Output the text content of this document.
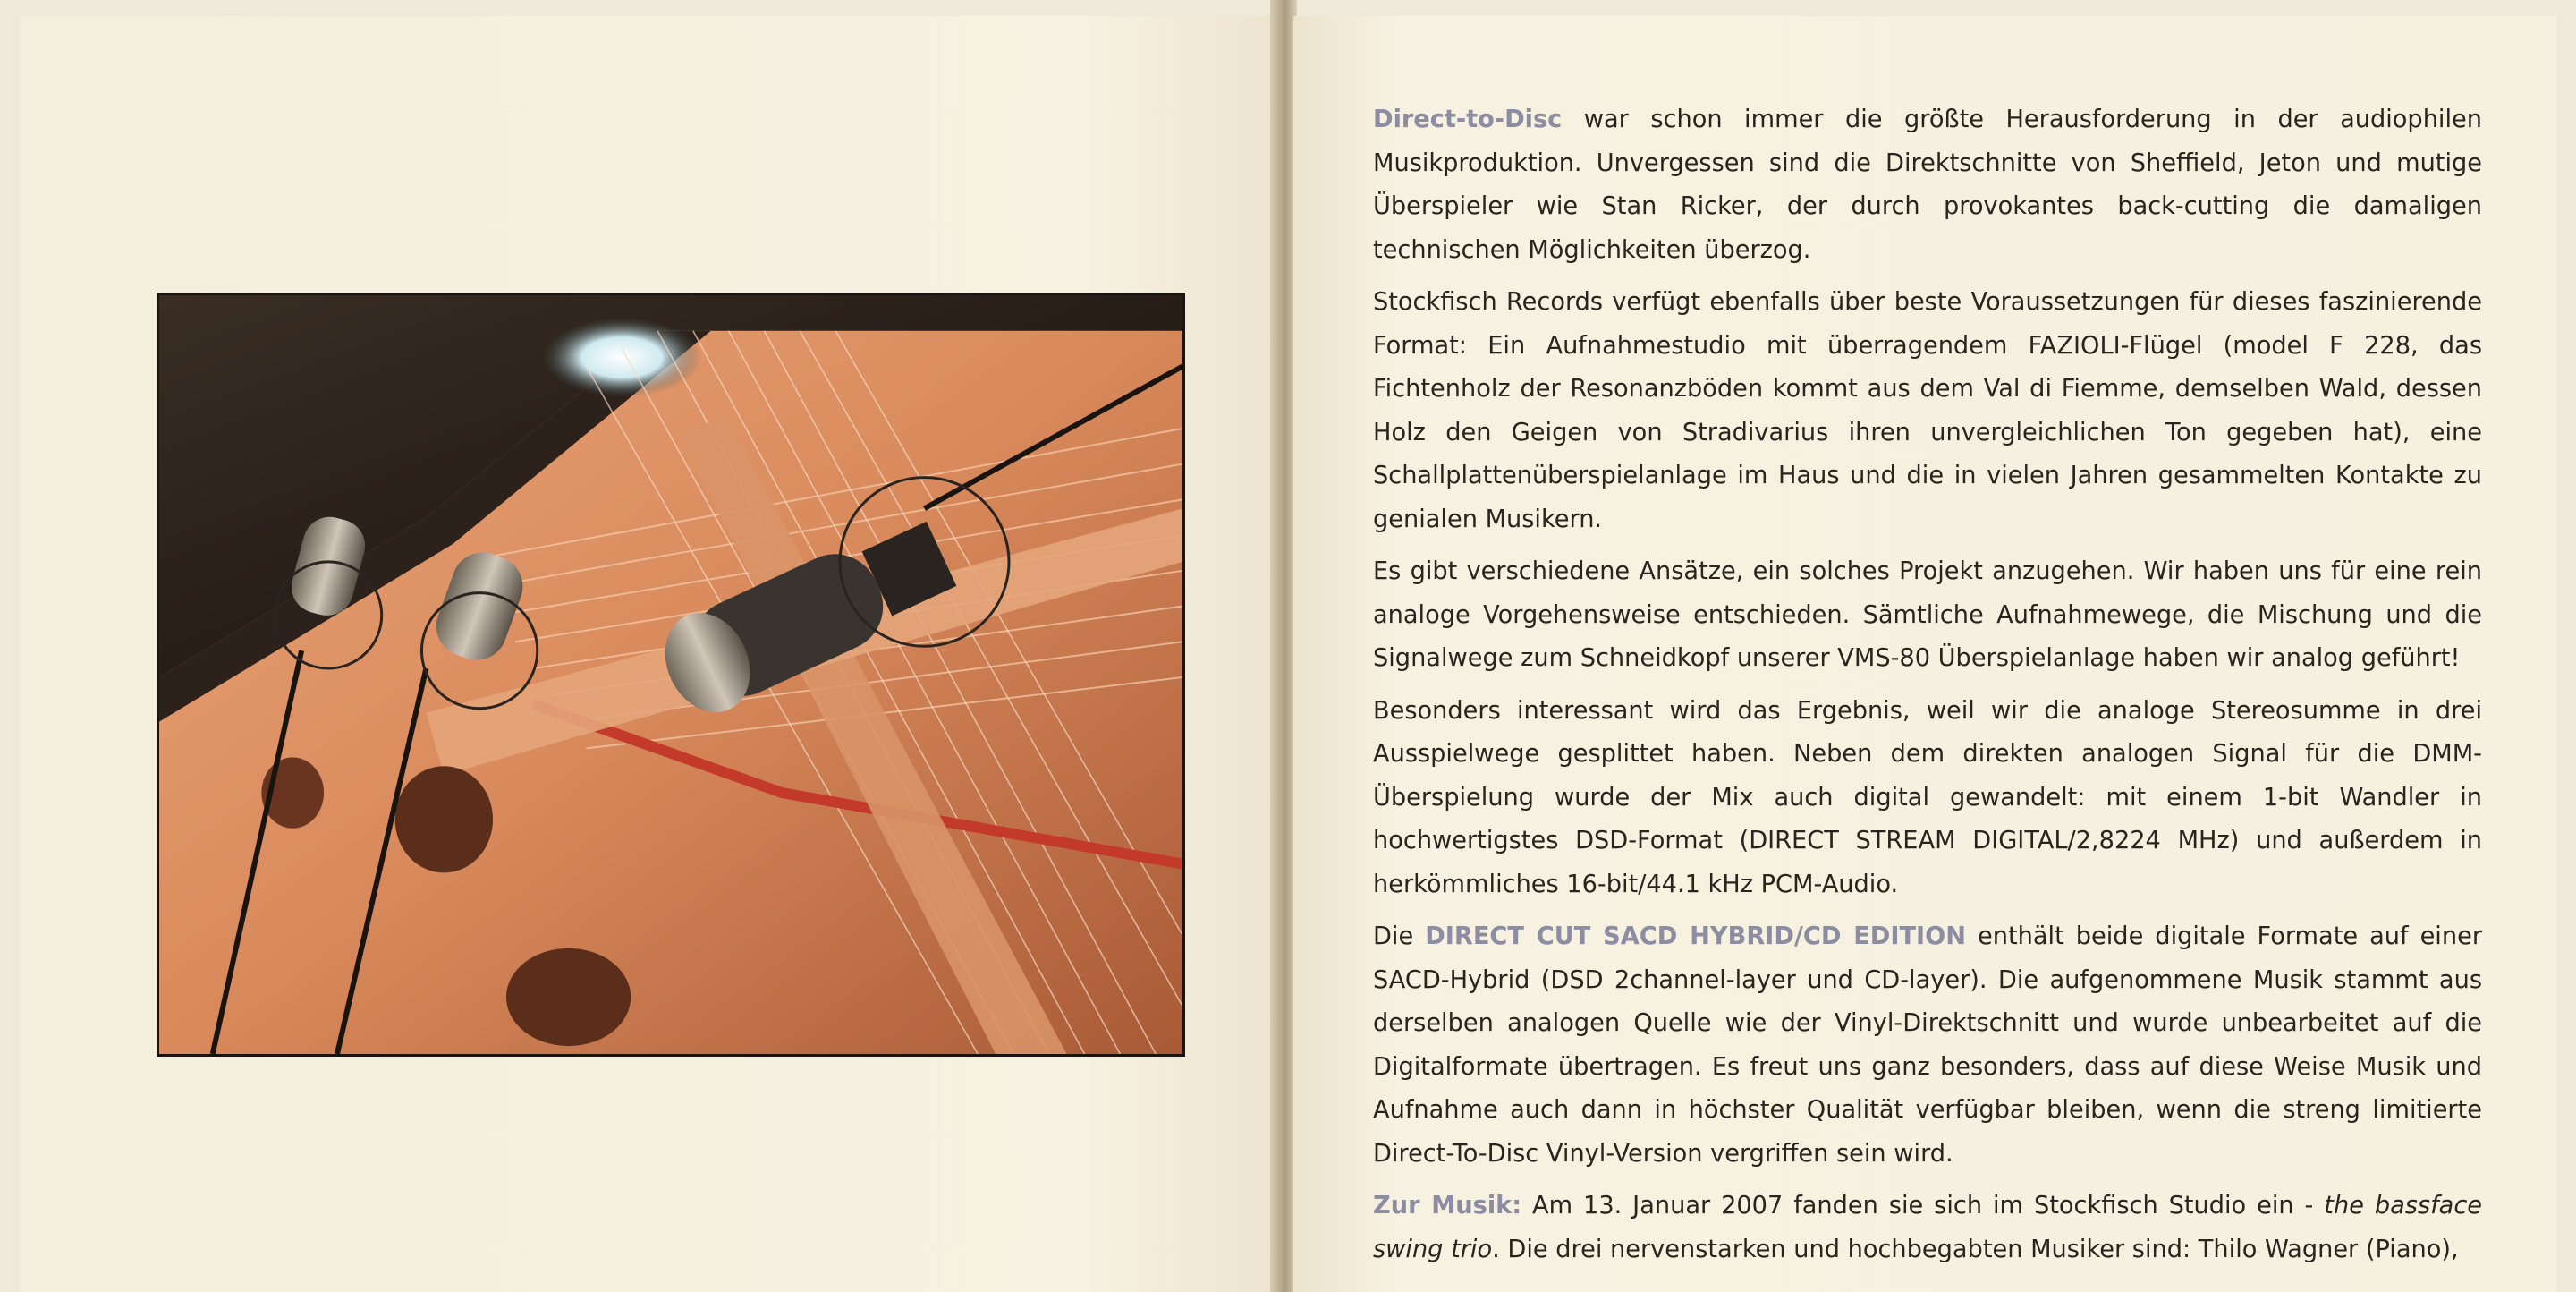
Direct-to-Disc war schon immer die größte Herausforderung in der audiophilen Musikproduktion. Unvergessen sind die Direktschnitte von Sheffield, Jeton und mutige Überspieler wie Stan Ricker, der durch provokantes back-cutting die damaligen technischen Möglichkeiten überzog.

Stockfisch Records verfügt ebenfalls über beste Voraussetzungen für dieses faszinierende Format: Ein Aufnahmestudio mit überragendem FAZIOLI-Flügel (model F 228, das Fichtenholz der Resonanzböden kommt aus dem Val di Fiemme, demselben Wald, dessen Holz den Geigen von Stradivarius ihren unvergleichlichen Ton gegeben hat), eine Schallplattenüberspielanlage im Haus und die in vielen Jahren gesammelten Kontakte zu genialen Musikern.

Es gibt verschiedene Ansätze, ein solches Projekt anzugehen. Wir haben uns für eine rein analoge Vorgehensweise entschieden. Sämtliche Aufnahmewege, die Mischung und die Signalwege zum Schneidkopf unserer VMS-80 Überspielanlage haben wir analog geführt!

Besonders interessant wird das Ergebnis, weil wir die analoge Stereosumme in drei Ausspielwege gesplittet haben. Neben dem direkten analogen Signal für die DMM-Überspielung wurde der Mix auch digital gewandelt: mit einem 1-bit Wandler in hochwertigstes DSD-Format (DIRECT STREAM DIGITAL/2,8224 MHz) und außerdem in herkömmliches 16-bit/44.1 kHz PCM-Audio.

Die DIRECT CUT SACD HYBRID/CD EDITION enthält beide digitale Formate auf einer SACD-Hybrid (DSD 2channel-layer und CD-layer). Die aufgenommene Musik stammt aus derselben analogen Quelle wie der Vinyl-Direktschnitt und wurde unbearbeitet auf die Digitalformate übertragen. Es freut uns ganz besonders, dass auf diese Weise Musik und Aufnahme auch dann in höchster Qualität verfügbar bleiben, wenn die streng limitierte Direct-To-Disc Vinyl-Version vergriffen sein wird.

Zur Musik: Am 13. Januar 2007 fanden sie sich im Stockfisch Studio ein - the bassface swing trio. Die drei nervenstarken und hochbegabten Musiker sind: Thilo Wagner (Piano),
